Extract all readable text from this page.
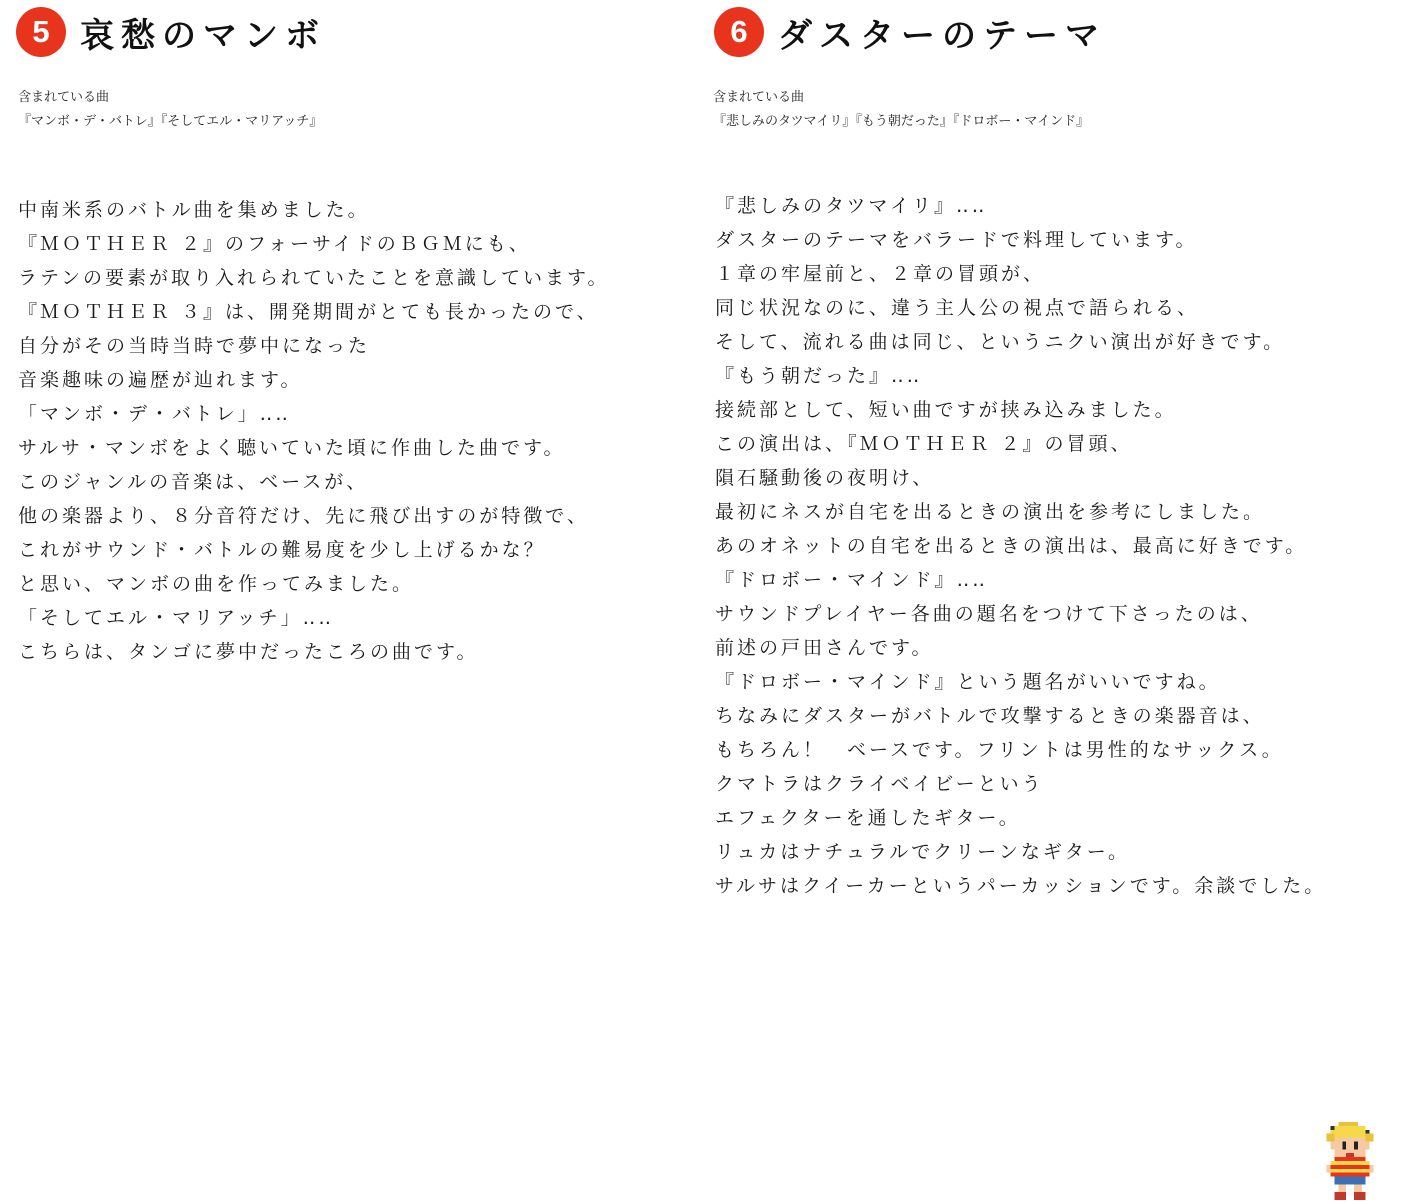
5 哀愁のマンボ
含まれている曲
『マンボ・デ・バトレ』『そしてエル・マリアッチ』
中南米系のバトル曲を集めました。
『ＭＯＴＨＥＲ ２』のフォーサイドのＢＧＭにも、
ラテンの要素が取り入れられていたことを意識しています。
『ＭＯＴＨＥＲ ３』は、開発期間がとても長かったので、
自分がその当時当時で夢中になった
音楽趣味の遍歴が辿れます。
「マンボ・デ・バトレ」‥‥
サルサ・マンボをよく聴いていた頃に作曲した曲です。
このジャンルの音楽は、ベースが、
他の楽器より、８分音符だけ、先に飛び出すのが特徴で、
これがサウンド・バトルの難易度を少し上げるかな？
と思い、マンボの曲を作ってみました。
「そしてエル・マリアッチ」‥‥
こちらは、タンゴに夢中だったころの曲です。
6 ダスターのテーマ
含まれている曲
『悲しみのタツマイリ』『もう朝だった』『ドロボー・マインド』
『悲しみのタツマイリ』‥‥
ダスターのテーマをバラードで料理しています。
１章の牢屋前と、２章の冒頭が、
同じ状況なのに、違う主人公の視点で語られる、
そして、流れる曲は同じ、というニクい演出が好きです。
『もう朝だった』‥‥
接続部として、短い曲ですが挟み込みました。
この演出は、『ＭＯＴＨＥＲ ２』の冒頭、
隕石騒動後の夜明け、
最初にネスが自宅を出るときの演出を参考にしました。
あのオネットの自宅を出るときの演出は、最高に好きです。
『ドロボー・マインド』‥‥
サウンドプレイヤー各曲の題名をつけて下さったのは、
前述の戸田さんです。
『ドロボー・マインド』という題名がいいですね。
ちなみにダスターがバトルで攻撃するときの楽器音は、
もちろん！　ベースです。フリントは男性的なサックス。
クマトラはクライベイビーという
エフェクターを通したギター。
リュカはナチュラルでクリーンなギター。
サルサはクイーカーというパーカッションです。余談でした。
